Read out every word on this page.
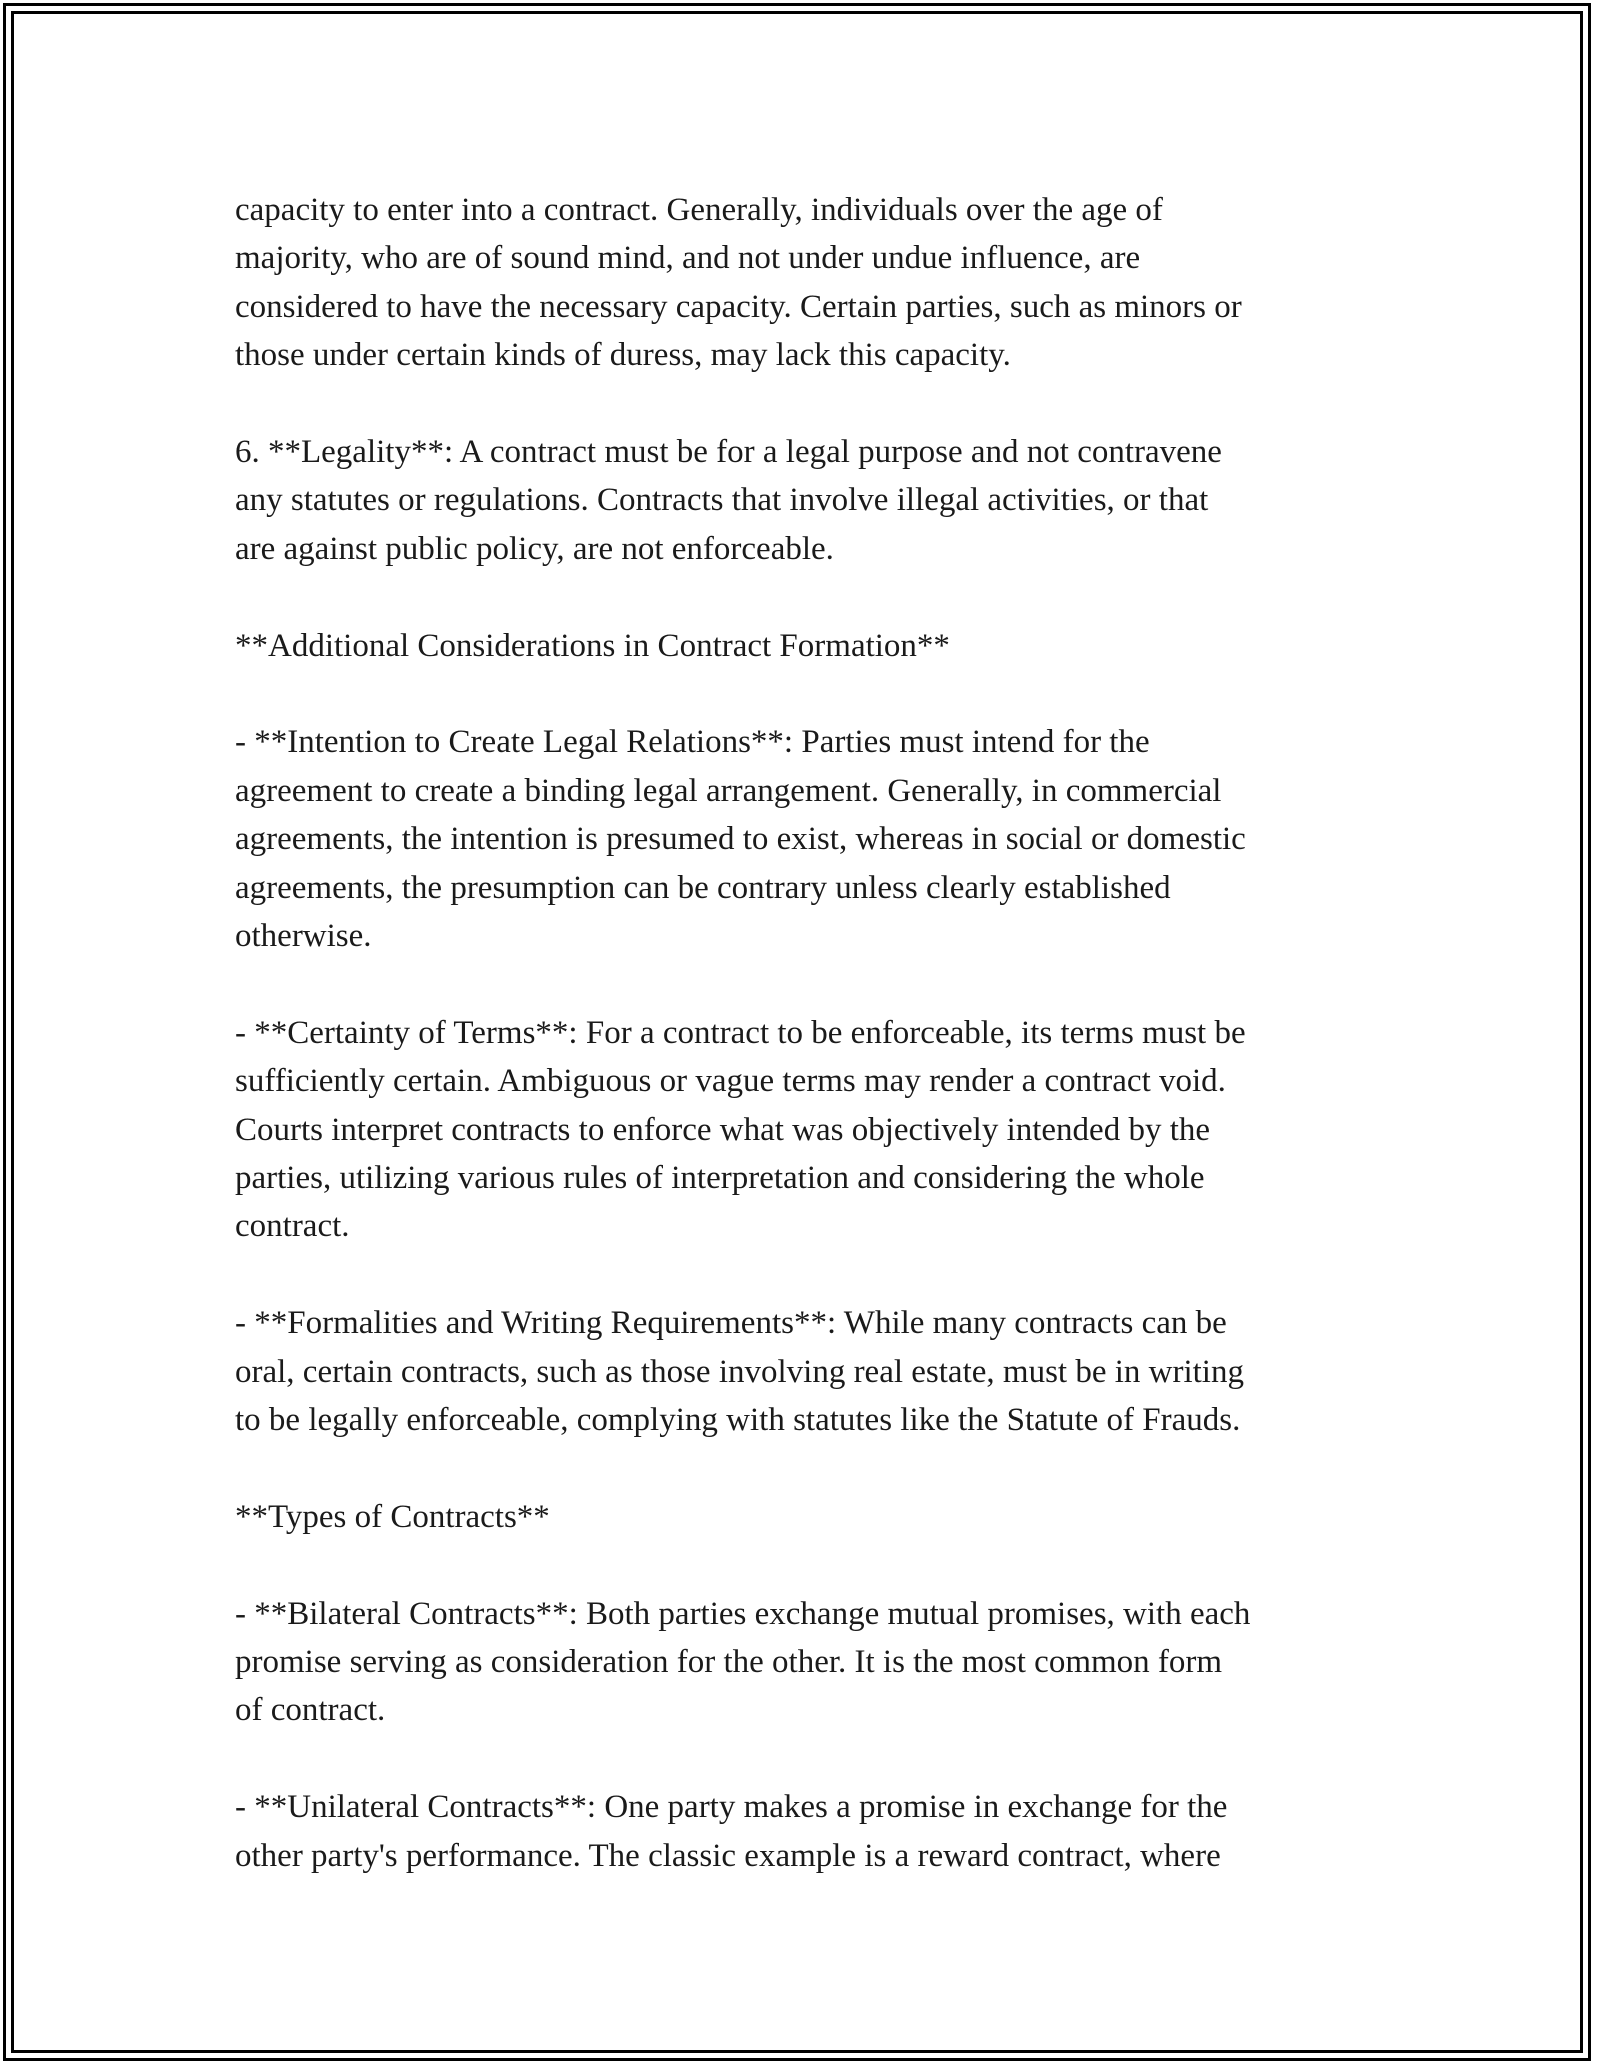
capacity to enter into a contract. Generally, individuals over the age of
majority, who are of sound mind, and not under undue influence, are
considered to have the necessary capacity. Certain parties, such as minors or
those under certain kinds of duress, may lack this capacity.

6. **Legality**: A contract must be for a legal purpose and not contravene
any statutes or regulations. Contracts that involve illegal activities, or that
are against public policy, are not enforceable.

**Additional Considerations in Contract Formation**

- **Intention to Create Legal Relations**: Parties must intend for the
agreement to create a binding legal arrangement. Generally, in commercial
agreements, the intention is presumed to exist, whereas in social or domestic
agreements, the presumption can be contrary unless clearly established
otherwise.

- **Certainty of Terms**: For a contract to be enforceable, its terms must be
sufficiently certain. Ambiguous or vague terms may render a contract void.
Courts interpret contracts to enforce what was objectively intended by the
parties, utilizing various rules of interpretation and considering the whole
contract.

- **Formalities and Writing Requirements**: While many contracts can be
oral, certain contracts, such as those involving real estate, must be in writing
to be legally enforceable, complying with statutes like the Statute of Frauds.

**Types of Contracts**

- **Bilateral Contracts**: Both parties exchange mutual promises, with each
promise serving as consideration for the other. It is the most common form
of contract.

- **Unilateral Contracts**: One party makes a promise in exchange for the
other party's performance. The classic example is a reward contract, where
